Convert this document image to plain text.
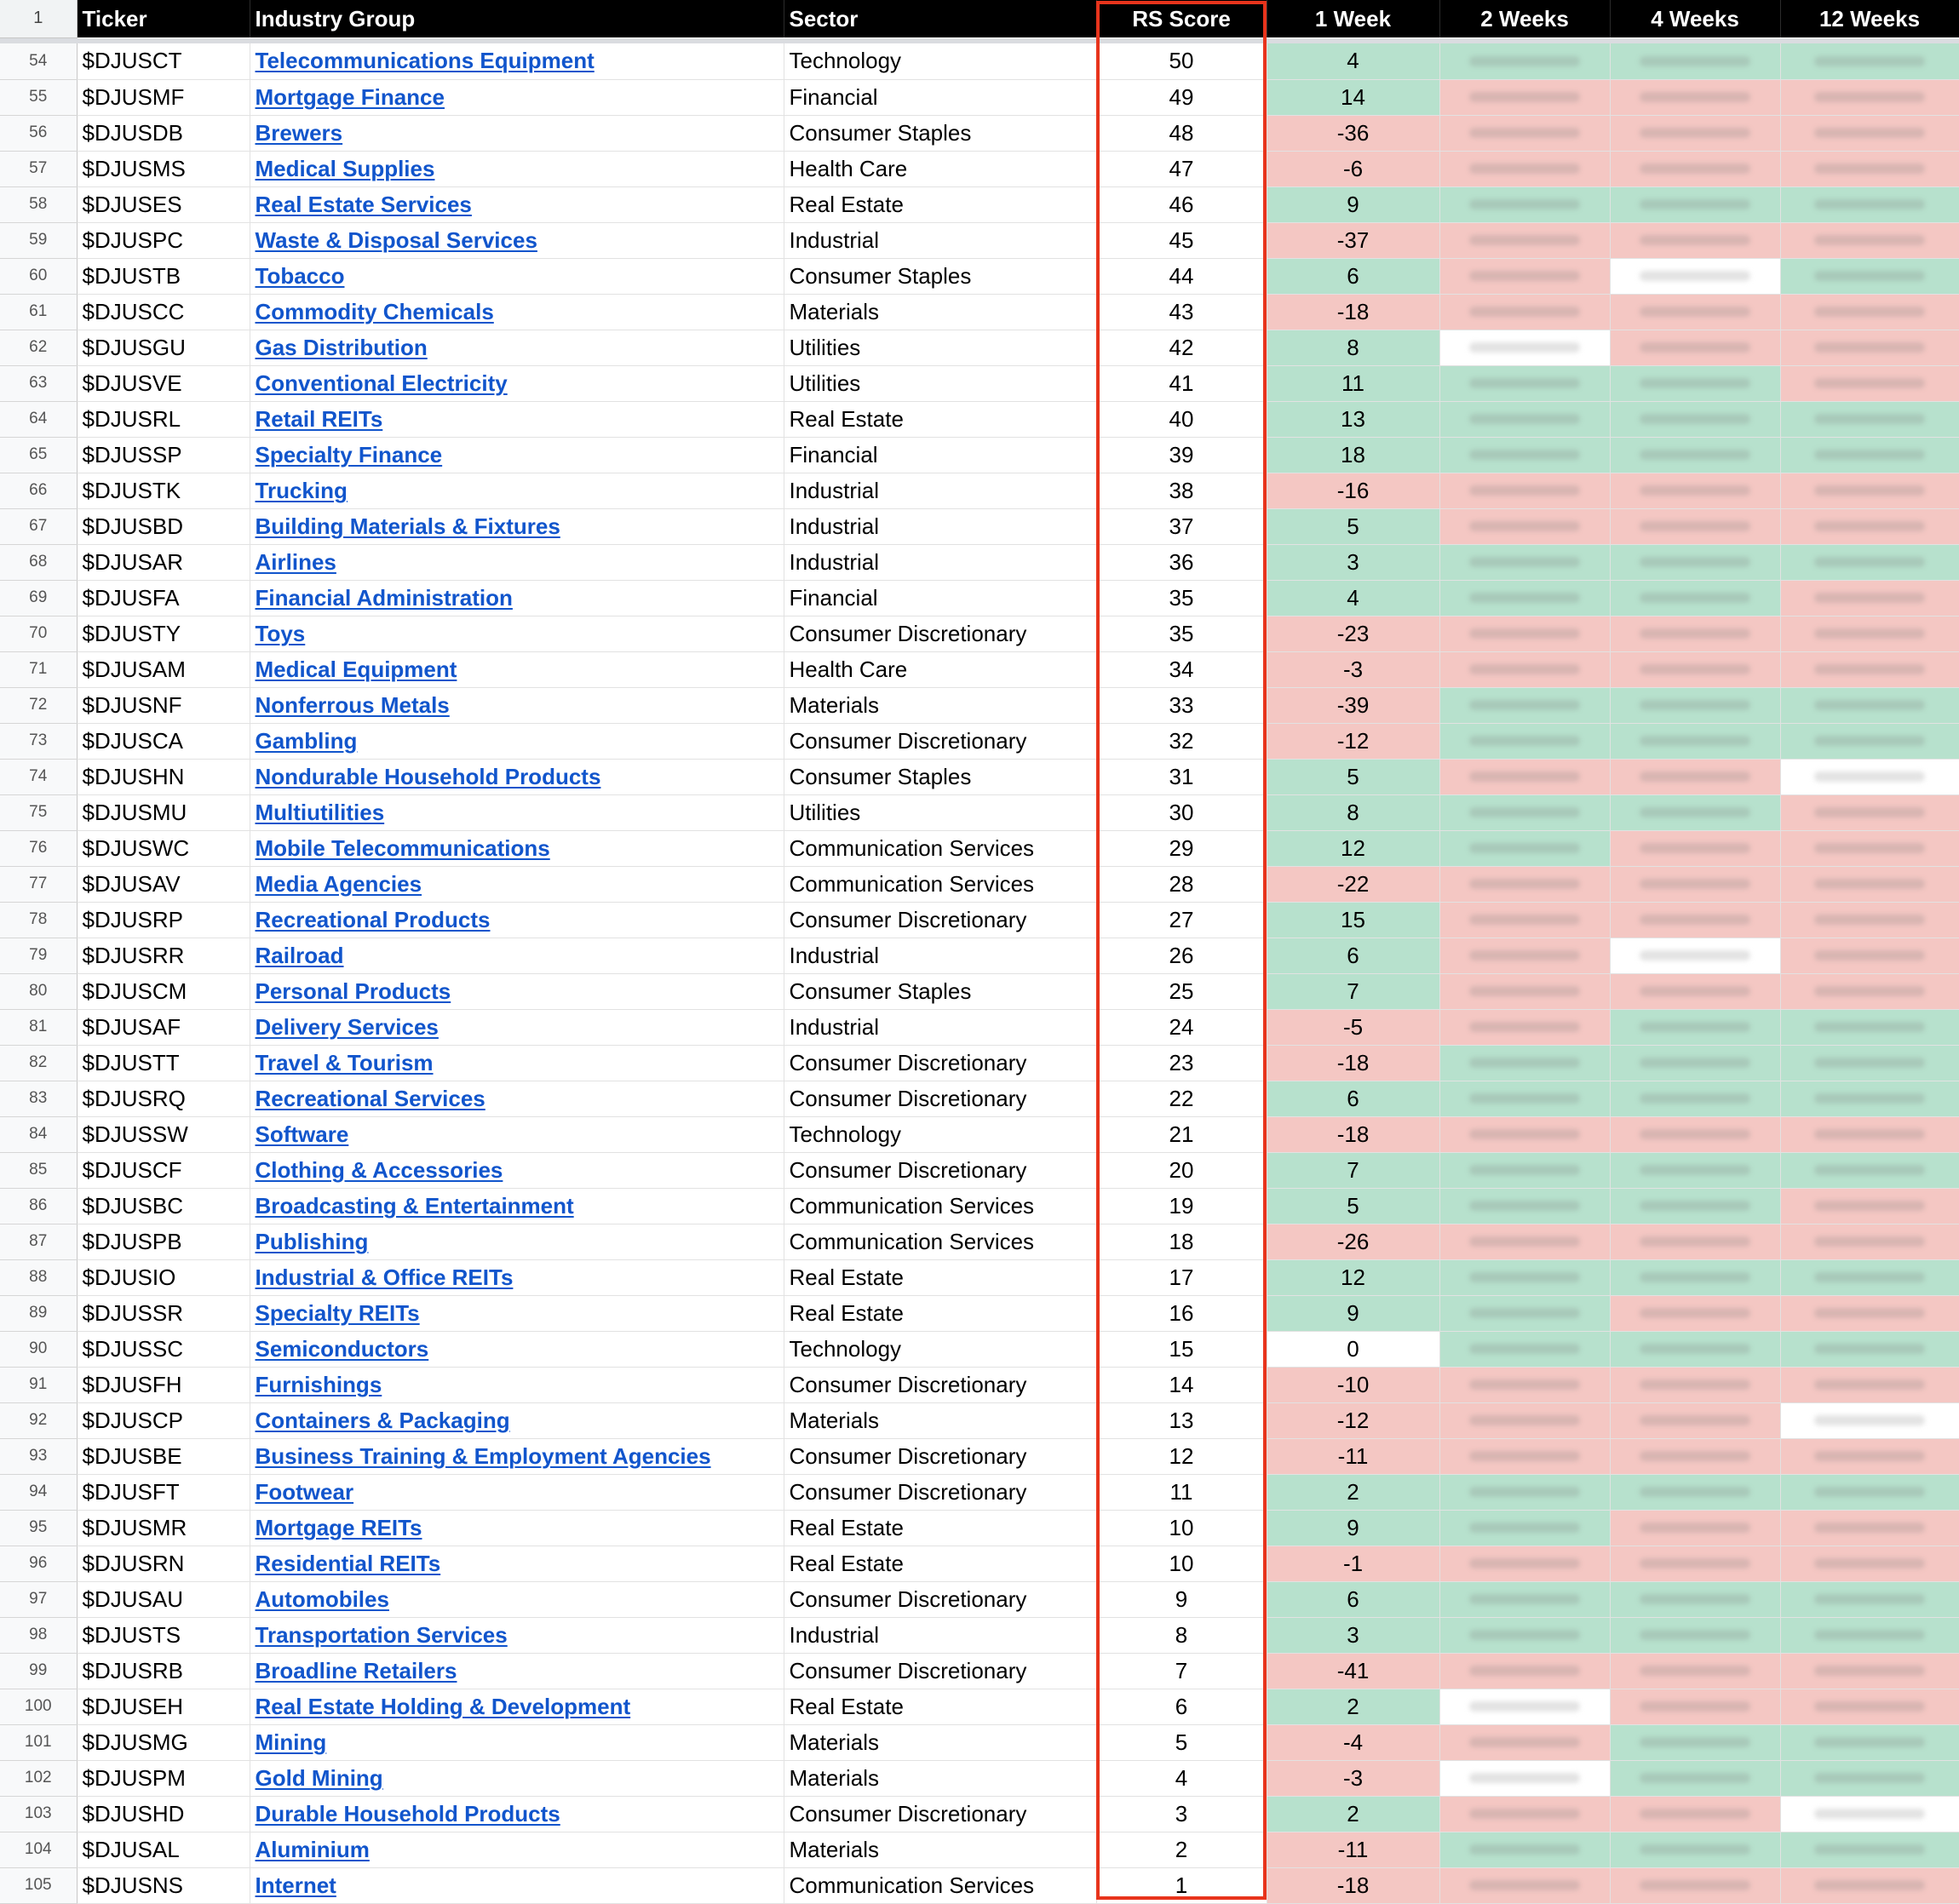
1	Ticker	Industry Group	Sector	RS Score	1 Week	2 Weeks	4 Weeks	12 Weeks

54	$DJUSCT	Telecommunications Equipment	Technology	50	4	

55	$DJUSMF	Mortgage Finance	Financial	49	14	

56	$DJUSDB	Brewers	Consumer Staples	48	-36	

57	$DJUSMS	Medical Supplies	Health Care	47	-6	

58	$DJUSES	Real Estate Services	Real Estate	46	9	

59	$DJUSPC	Waste & Disposal Services	Industrial	45	-37	

60	$DJUSTB	Tobacco	Consumer Staples	44	6	

61	$DJUSCC	Commodity Chemicals	Materials	43	-18	

62	$DJUSGU	Gas Distribution	Utilities	42	8	

63	$DJUSVE	Conventional Electricity	Utilities	41	11	

64	$DJUSRL	Retail REITs	Real Estate	40	13	

65	$DJUSSP	Specialty Finance	Financial	39	18	

66	$DJUSTK	Trucking	Industrial	38	-16	

67	$DJUSBD	Building Materials & Fixtures	Industrial	37	5	

68	$DJUSAR	Airlines	Industrial	36	3	

69	$DJUSFA	Financial Administration	Financial	35	4	

70	$DJUSTY	Toys	Consumer Discretionary	35	-23	

71	$DJUSAM	Medical Equipment	Health Care	34	-3	

72	$DJUSNF	Nonferrous Metals	Materials	33	-39	

73	$DJUSCA	Gambling	Consumer Discretionary	32	-12	

74	$DJUSHN	Nondurable Household Products	Consumer Staples	31	5	

75	$DJUSMU	Multiutilities	Utilities	30	8	

76	$DJUSWC	Mobile Telecommunications	Communication Services	29	12	

77	$DJUSAV	Media Agencies	Communication Services	28	-22	

78	$DJUSRP	Recreational Products	Consumer Discretionary	27	15	

79	$DJUSRR	Railroad	Industrial	26	6	

80	$DJUSCM	Personal Products	Consumer Staples	25	7	

81	$DJUSAF	Delivery Services	Industrial	24	-5	

82	$DJUSTT	Travel & Tourism	Consumer Discretionary	23	-18	

83	$DJUSRQ	Recreational Services	Consumer Discretionary	22	6	

84	$DJUSSW	Software	Technology	21	-18	

85	$DJUSCF	Clothing & Accessories	Consumer Discretionary	20	7	

86	$DJUSBC	Broadcasting & Entertainment	Communication Services	19	5	

87	$DJUSPB	Publishing	Communication Services	18	-26	

88	$DJUSIO	Industrial & Office REITs	Real Estate	17	12	

89	$DJUSSR	Specialty REITs	Real Estate	16	9	

90	$DJUSSC	Semiconductors	Technology	15	0	

91	$DJUSFH	Furnishings	Consumer Discretionary	14	-10	

92	$DJUSCP	Containers & Packaging	Materials	13	-12	

93	$DJUSBE	Business Training & Employment Agencies	Consumer Discretionary	12	-11	

94	$DJUSFT	Footwear	Consumer Discretionary	11	2	

95	$DJUSMR	Mortgage REITs	Real Estate	10	9	

96	$DJUSRN	Residential REITs	Real Estate	10	-1	

97	$DJUSAU	Automobiles	Consumer Discretionary	9	6	

98	$DJUSTS	Transportation Services	Industrial	8	3	

99	$DJUSRB	Broadline Retailers	Consumer Discretionary	7	-41	

100	$DJUSEH	Real Estate Holding & Development	Real Estate	6	2	

101	$DJUSMG	Mining	Materials	5	-4	

102	$DJUSPM	Gold Mining	Materials	4	-3	

103	$DJUSHD	Durable Household Products	Consumer Discretionary	3	2	

104	$DJUSAL	Aluminium	Materials	2	-11	

105	$DJUSNS	Internet	Communication Services	1	-18	
